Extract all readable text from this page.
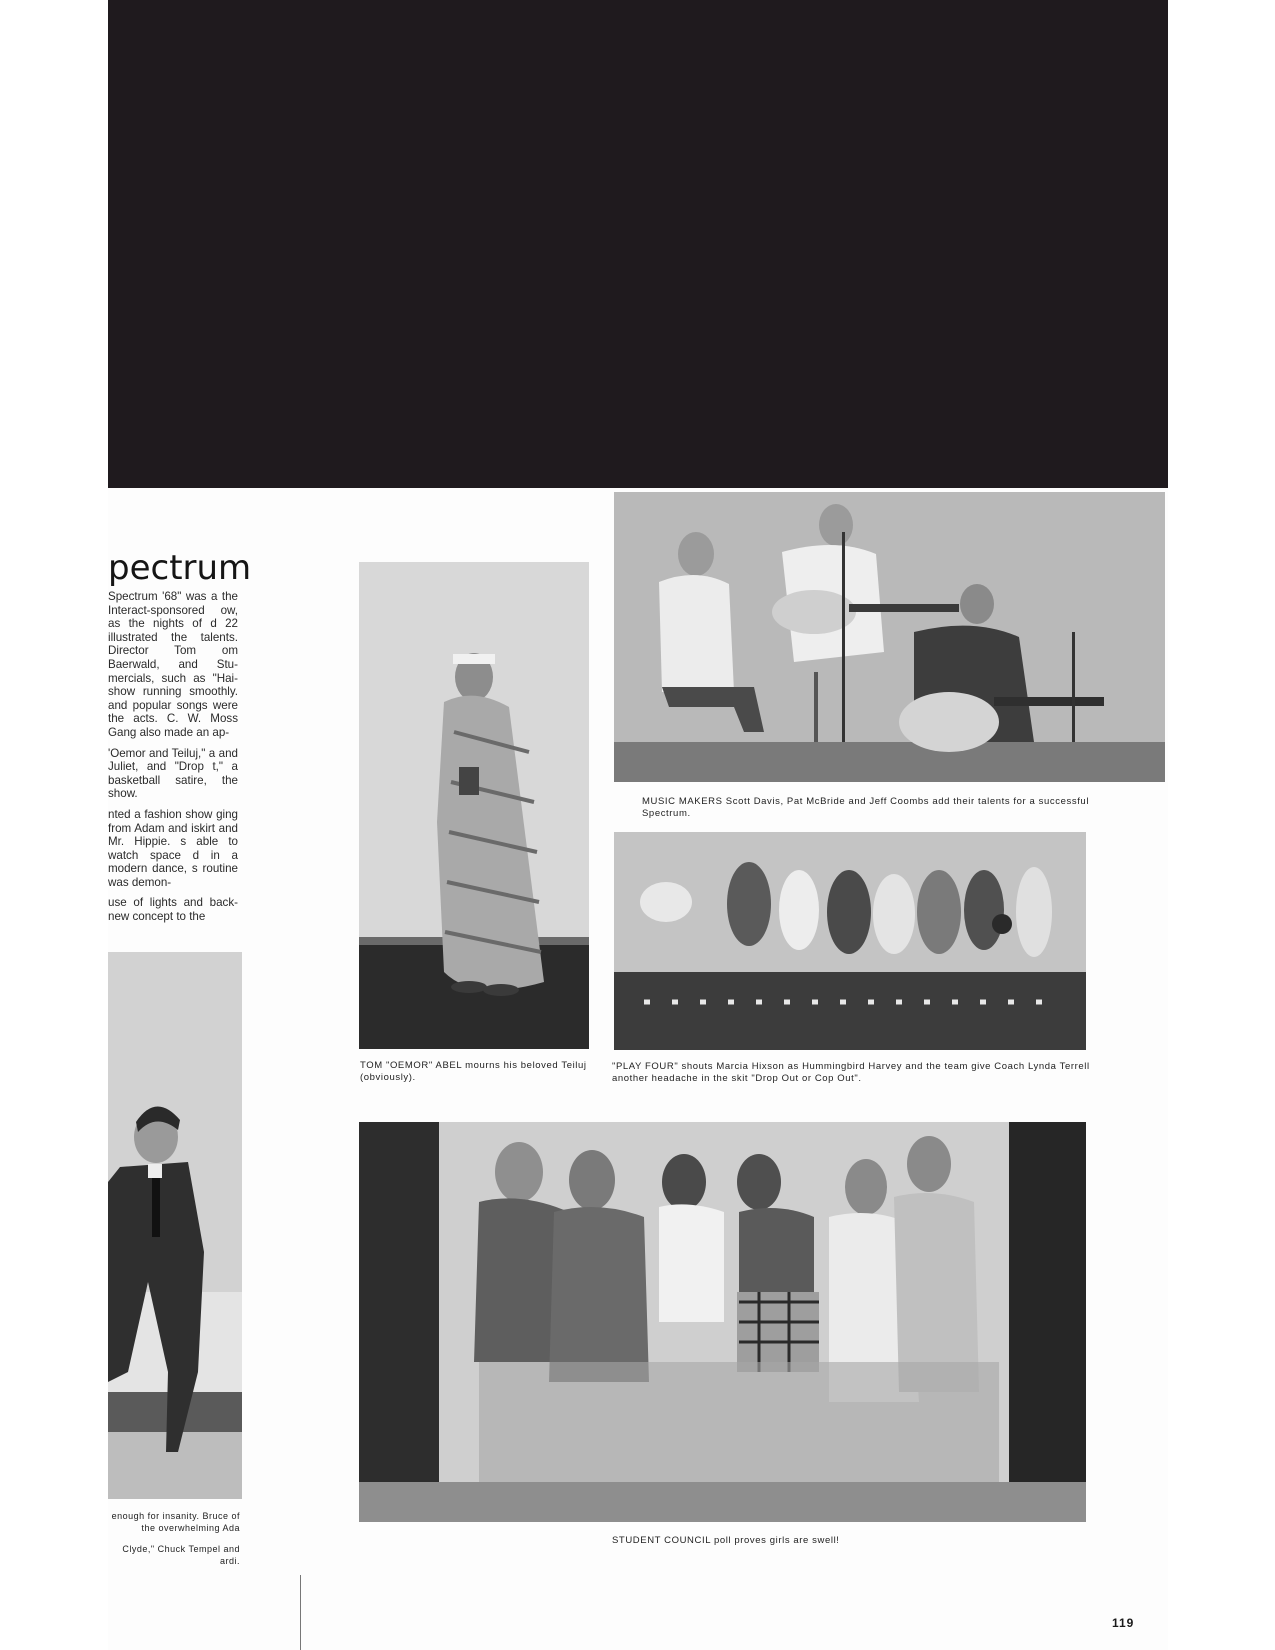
pectrum

Spectrum '68" was a the Interact-sponsored ow, as the nights of d 22 illustrated the talents. Director Tom om Baerwald, and Stu- mercials, such as "Hai- show running smoothly. and popular songs were the acts. C. W. Moss Gang also made an ap-

'Oemor and Teiluj," a and Juliet, and "Drop t," a basketball satire, the show.

nted a fashion show ging from Adam and iskirt and Mr. Hippie. s able to watch space d in a modern dance, s routine was demon-

use of lights and back- new concept to the

enough for insanity. Bruce of the overwhelming Ada

Clyde," Chuck Tempel and ardi.

TOM "OEMOR" ABEL mourns his beloved Teiluj (obviously).
MUSIC MAKERS Scott Davis, Pat McBride and Jeff Coombs add their talents for a successful Spectrum.
"PLAY FOUR" shouts Marcia Hixson as Hummingbird Harvey and the team give Coach Lynda Terrell another headache in the skit "Drop Out or Cop Out".
STUDENT COUNCIL poll proves girls are swell!
119
